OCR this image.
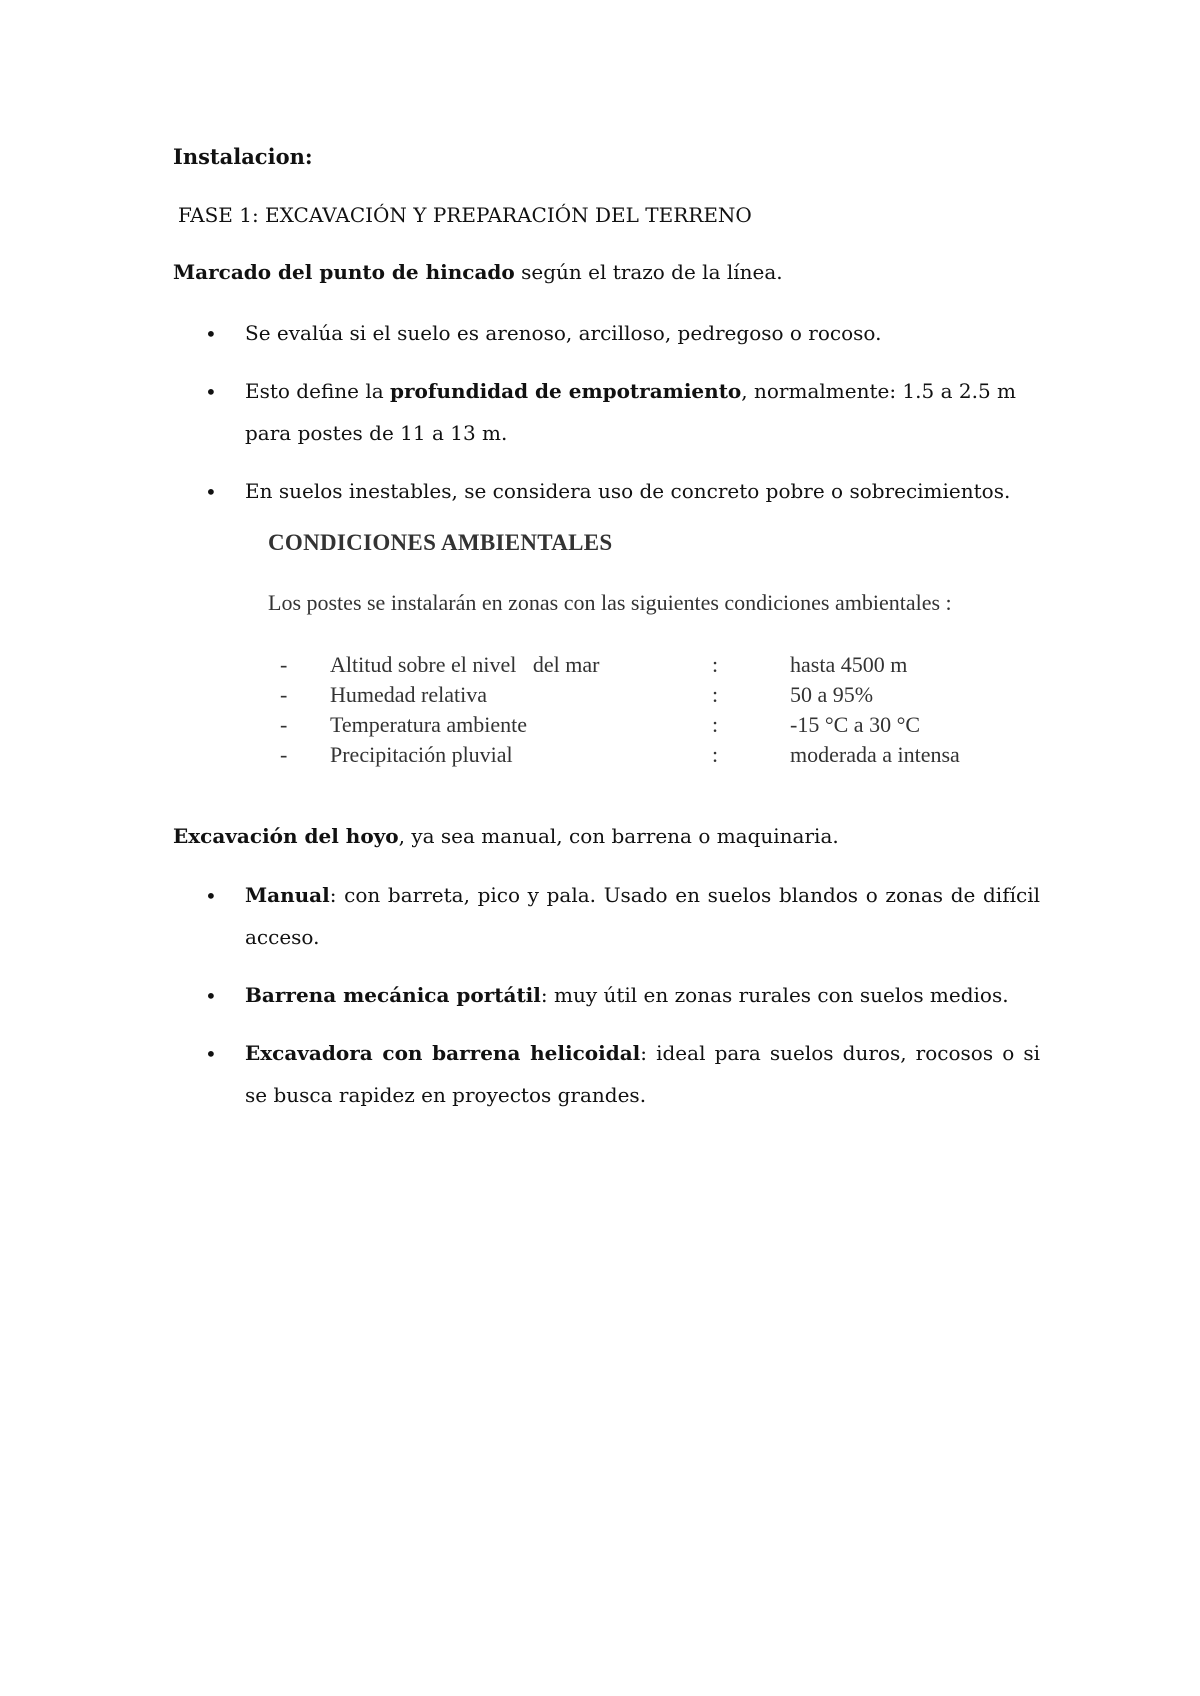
Instalacion:
FASE 1: EXCAVACIÓN Y PREPARACIÓN DEL TERRENO
Marcado del punto de hincado según el trazo de la línea.
• Se evalúa si el suelo es arenoso, arcilloso, pedregoso o rocoso.
• Esto define la profundidad de empotramiento, normalmente: 1.5 a 2.5 m para postes de 11 a 13 m.
• En suelos inestables, se considera uso de concreto pobre o sobrecimientos.
CONDICIONES AMBIENTALES
Los postes se instalarán en zonas con las siguientes condiciones ambientales :
- Altitud sobre el nivel   del mar	:	hasta 4500 m
- Humedad relativa	:	50 a 95%
- Temperatura ambiente	:	-15 °C a 30 °C
- Precipitación pluvial	:	moderada a intensa
Excavación del hoyo, ya sea manual, con barrena o maquinaria.
• Manual: con barreta, pico y pala. Usado en suelos blandos o zonas de difícil acceso.
• Barrena mecánica portátil: muy útil en zonas rurales con suelos medios.
• Excavadora con barrena helicoidal: ideal para suelos duros, rocosos o si se busca rapidez en proyectos grandes.
